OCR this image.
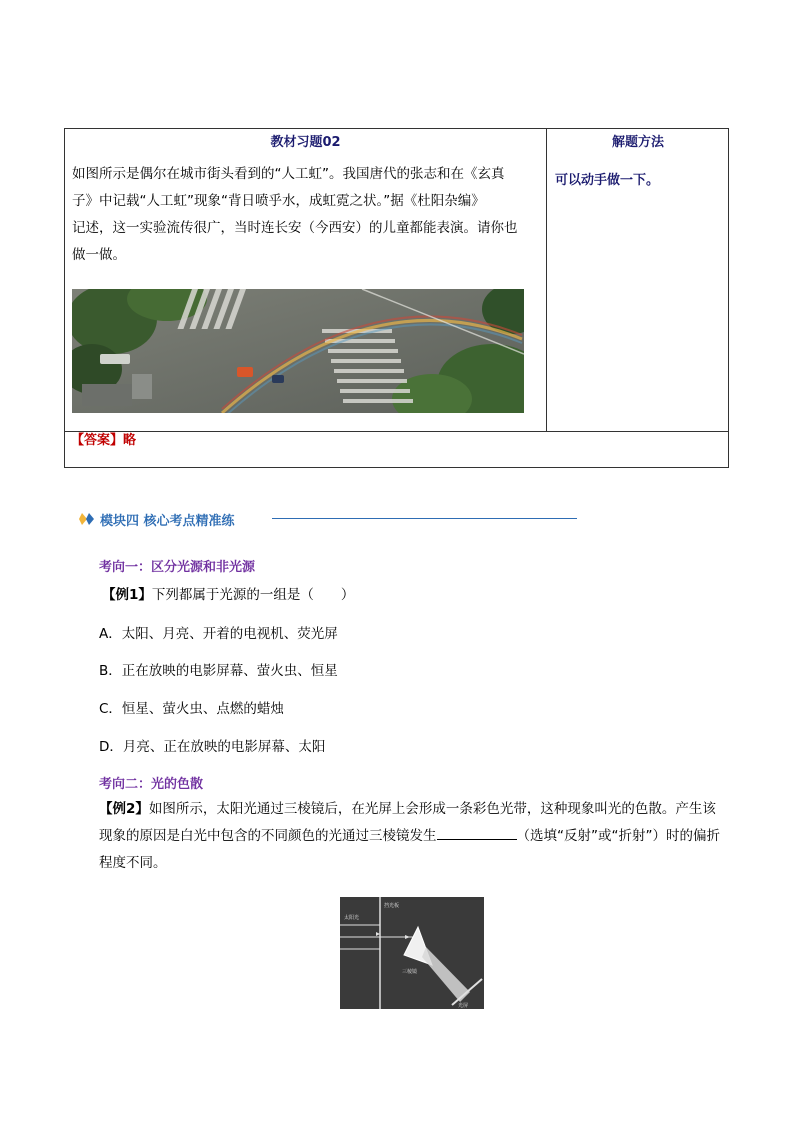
教材习题02	解题方法
如图所示是偶尔在城市街头看到的“人工虹”。我国唐代的张志和在《玄真
子》中记载“人工虹”现象“背日喷乎水，成虹霓之状。”据《杜阳杂编》
记述，这一实验流传很广，当时连长安（今西安）的儿童都能表演。请你也
做一做。
可以动手做一下。
【答案】略
模块四 核心考点精准练
考向一：区分光源和非光源
【例1】下列都属于光源的一组是（　　）
A．太阳、月亮、开着的电视机、荧光屏
B．正在放映的电影屏幕、萤火虫、恒星
C．恒星、萤火虫、点燃的蜡烛
D．月亮、正在放映的电影屏幕、太阳
考向二：光的色散
【例2】如图所示，太阳光通过三棱镜后，在光屏上会形成一条彩色光带，这种现象叫光的色散。产生该现象的原因是白光中包含的不同颜色的光通过三棱镜发生	（选填“反射”或“折射”）时的偏折程度不同。
太阳光
挡光板
三棱镜
光屏
